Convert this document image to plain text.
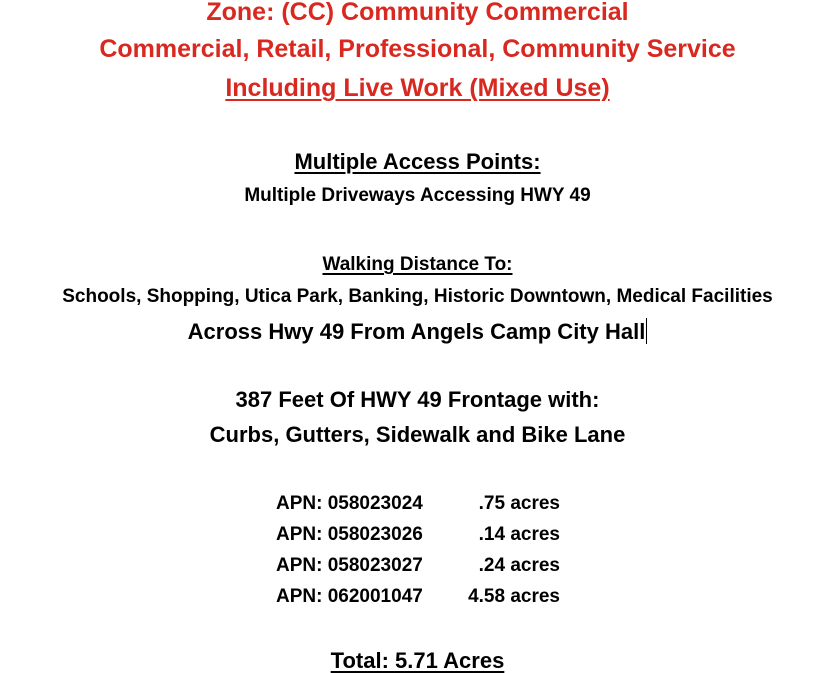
Zone: (CC) Community Commercial
Commercial, Retail, Professional, Community Service
Including Live Work (Mixed Use)
Multiple Access Points:
Multiple Driveways Accessing HWY 49
Walking Distance To:
Schools, Shopping, Utica Park, Banking, Historic Downtown, Medical Facilities
Across Hwy 49 From Angels Camp City Hall
387 Feet Of HWY 49 Frontage with:
Curbs, Gutters, Sidewalk and Bike Lane
APN: 058023024	.75 acres
APN: 058023026	.14 acres
APN: 058023027	.24 acres
APN: 062001047 4.58 acres
Total: 5.71 Acres
